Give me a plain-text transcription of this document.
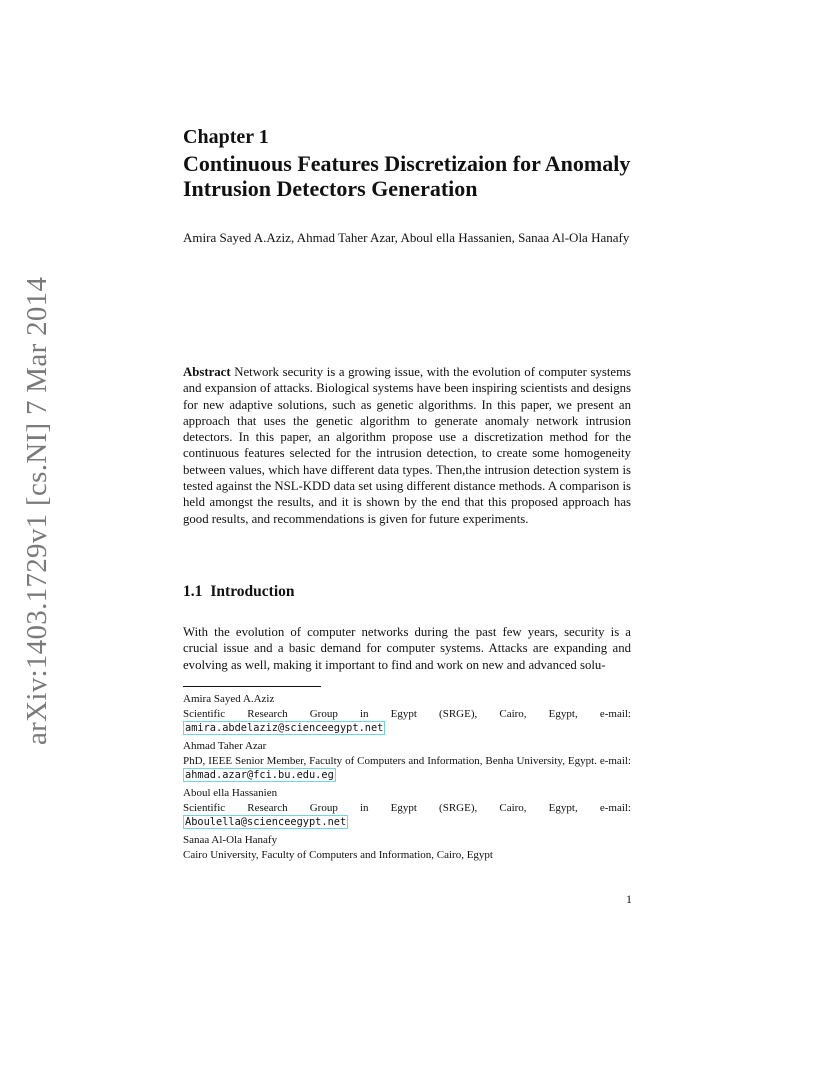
arXiv:1403.1729v1 [cs.NI] 7 Mar 2014
Chapter 1
Continuous Features Discretizaion for Anomaly Intrusion Detectors Generation
Amira Sayed A.Aziz, Ahmad Taher Azar, Aboul ella Hassanien, Sanaa Al-Ola Hanafy
Abstract Network security is a growing issue, with the evolution of computer systems and expansion of attacks. Biological systems have been inspiring scientists and designs for new adaptive solutions, such as genetic algorithms. In this paper, we present an approach that uses the genetic algorithm to generate anomaly network intrusion detectors. In this paper, an algorithm propose use a discretization method for the continuous features selected for the intrusion detection, to create some homogeneity between values, which have different data types. Then,the intrusion detection system is tested against the NSL-KDD data set using different distance methods. A comparison is held amongst the results, and it is shown by the end that this proposed approach has good results, and recommendations is given for future experiments.
1.1 Introduction
With the evolution of computer networks during the past few years, security is a crucial issue and a basic demand for computer systems. Attacks are expanding and evolving as well, making it important to find and work on new and advanced solu-
Amira Sayed A.Aziz
Scientific Research Group in Egypt (SRGE), Cairo, Egypt, e-mail: amira.abdelaziz@scienceegypt.net
Ahmad Taher Azar
PhD, IEEE Senior Member, Faculty of Computers and Information, Benha University, Egypt. e-mail: ahmad.azar@fci.bu.edu.eg
Aboul ella Hassanien
Scientific Research Group in Egypt (SRGE), Cairo, Egypt, e-mail: Aboulella@scienceegypt.net
Sanaa Al-Ola Hanafy
Cairo University, Faculty of Computers and Information, Cairo, Egypt
1
